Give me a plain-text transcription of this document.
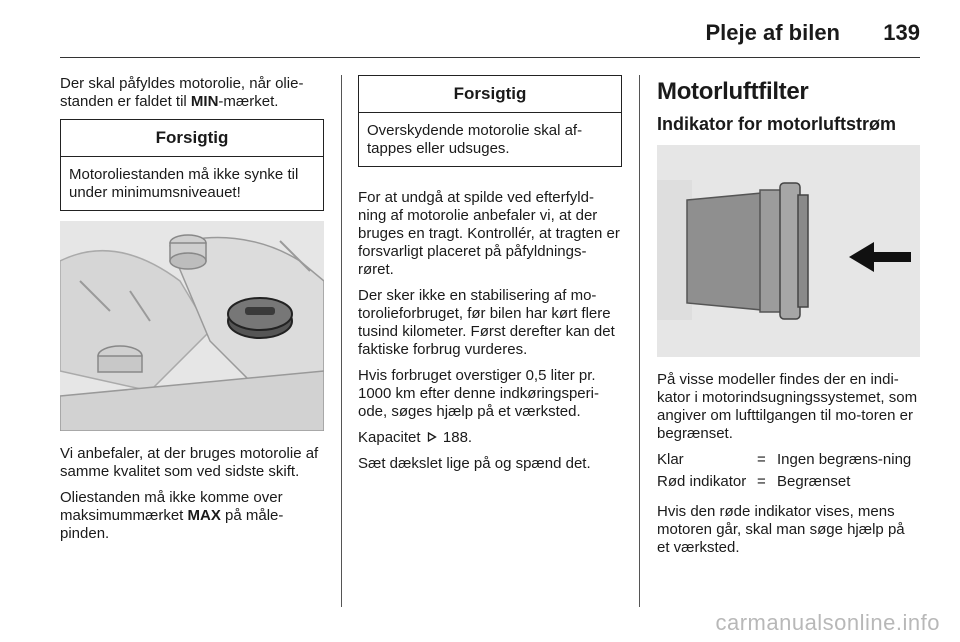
Pleje af bilen 139

Der skal påfyldes motorolie, når olie-standen er faldet til MIN-mærket.

Forsigtig
Motoroliestanden må ikke synke til under minimumsniveauet!

Vi anbefaler, at der bruges motorolie af samme kvalitet som ved sidste skift.

Oliestanden må ikke komme over maksimummærket MAX på måle-pinden.

Forsigtig
Overskydende motorolie skal af-tappes eller udsuges.

For at undgå at spilde ved efterfyld-ning af motorolie anbefaler vi, at der bruges en tragt. Kontrollér, at tragten er forsvarligt placeret på påfyldnings-røret.

Der sker ikke en stabilisering af mo-torolieforbruget, før bilen har kørt flere tusind kilometer. Først derefter kan det faktiske forbrug vurderes.

Hvis forbruget overstiger 0,5 liter pr. 1000 km efter denne indkøringsperi-ode, søges hjælp på et værksted.

Kapacitet  188.

Sæt dækslet lige på og spænd det.

Motorluftfilter
Indikator for motorluftstrøm

På visse modeller findes der en indi-kator i motorindsugningssystemet, som angiver om lufttilgangen til mo-toren er begrænset.

Klar	= Ingen begræns-ning
Rød indikator = Begrænset

Hvis den røde indikator vises, mens motoren går, skal man søge hjælp på et værksted.

carmanualsonline.info
